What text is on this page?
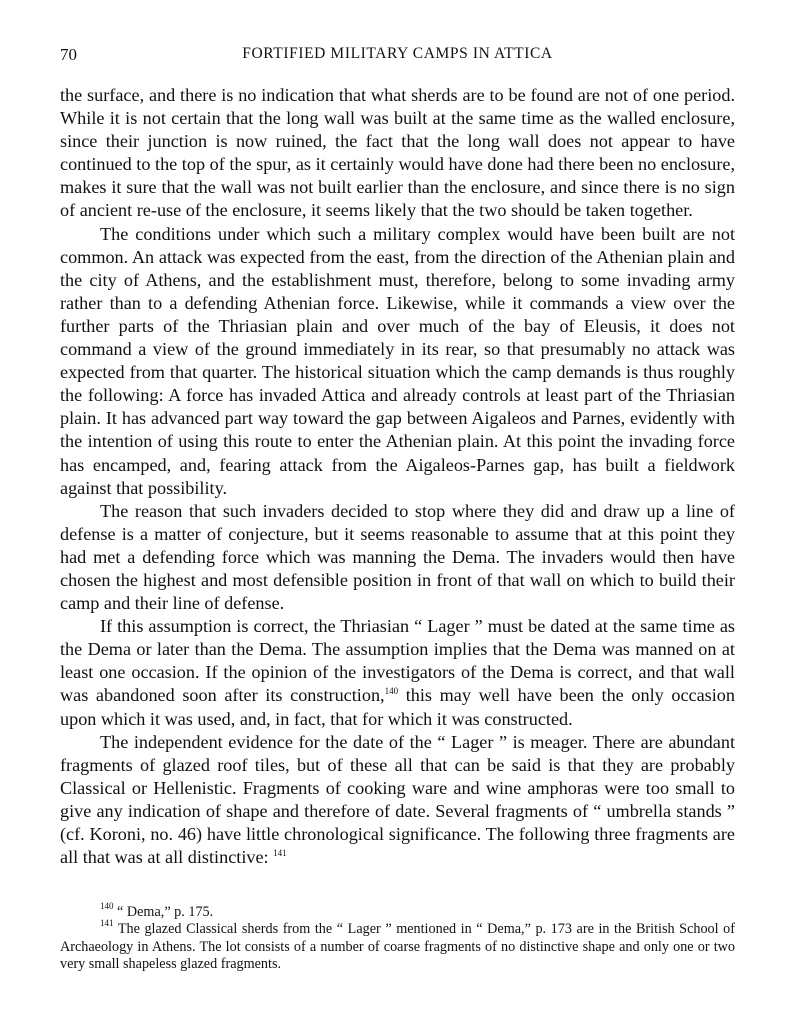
70	FORTIFIED MILITARY CAMPS IN ATTICA

the surface, and there is no indication that what sherds are to be found are not of one period. While it is not certain that the long wall was built at the same time as the walled enclosure, since their junction is now ruined, the fact that the long wall does not appear to have continued to the top of the spur, as it certainly would have done had there been no enclosure, makes it sure that the wall was not built earlier than the enclosure, and since there is no sign of ancient re-use of the enclosure, it seems likely that the two should be taken together.

The conditions under which such a military complex would have been built are not common. An attack was expected from the east, from the direction of the Athenian plain and the city of Athens, and the establishment must, therefore, belong to some invading army rather than to a defending Athenian force. Likewise, while it commands a view over the further parts of the Thriasian plain and over much of the bay of Eleusis, it does not command a view of the ground immediately in its rear, so that presumably no attack was expected from that quarter. The historical situation which the camp demands is thus roughly the following: A force has invaded Attica and already controls at least part of the Thriasian plain. It has advanced part way toward the gap between Aigaleos and Parnes, evidently with the intention of using this route to enter the Athenian plain. At this point the invading force has encamped, and, fearing attack from the Aigaleos-Parnes gap, has built a fieldwork against that possibility.

The reason that such invaders decided to stop where they did and draw up a line of defense is a matter of conjecture, but it seems reasonable to assume that at this point they had met a defending force which was manning the Dema. The invaders would then have chosen the highest and most defensible position in front of that wall on which to build their camp and their line of defense.

If this assumption is correct, the Thriasian “ Lager ” must be dated at the same time as the Dema or later than the Dema. The assumption implies that the Dema was manned on at least one occasion. If the opinion of the investigators of the Dema is correct, and that wall was abandoned soon after its construction,$^{140}$ this may well have been the only occasion upon which it was used, and, in fact, that for which it was constructed.

The independent evidence for the date of the “ Lager ” is meager. There are abundant fragments of glazed roof tiles, but of these all that can be said is that they are probably Classical or Hellenistic. Fragments of cooking ware and wine amphoras were too small to give any indication of shape and therefore of date. Several fragments of “ umbrella stands ” (cf. Koroni, no. 46) have little chronological significance. The following three fragments are all that was at all distinctive: $^{141}$

$^{140}$ “ Dema,” p. 175.

$^{141}$ The glazed Classical sherds from the “ Lager ” mentioned in “ Dema,” p. 173 are in the British School of Archaeology in Athens. The lot consists of a number of coarse fragments of no distinctive shape and only one or two very small shapeless glazed fragments.
